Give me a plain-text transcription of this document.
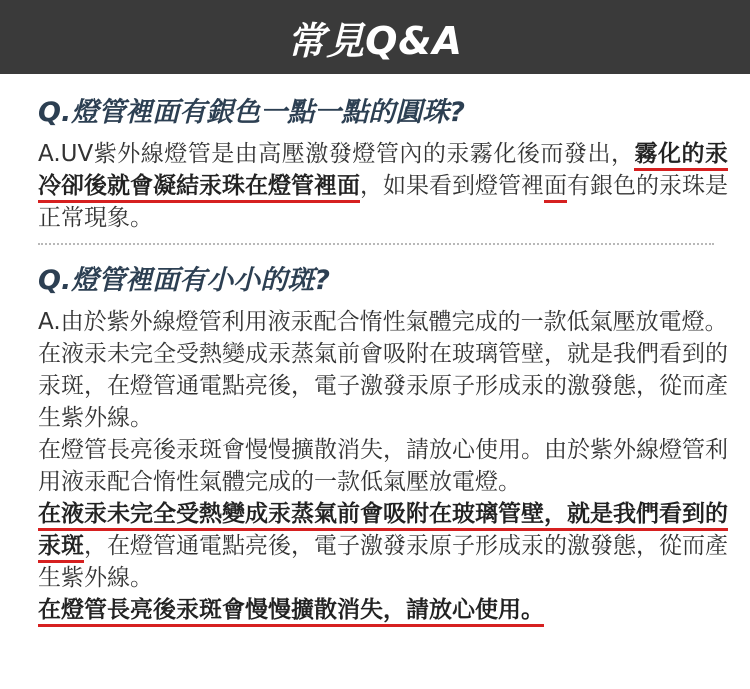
常見Q&A
Q.燈管裡面有銀色一點一點的圓珠?

A.UV紫外線燈管是由高壓激發燈管內的汞霧化後而發出，霧化的汞冷卻後就會凝結汞珠在燈管裡面，如果看到燈管裡面有銀色的汞珠是正常現象。

Q.燈管裡面有小小的斑?

A.由於紫外線燈管利用液汞配合惰性氣體完成的一款低氣壓放電燈。

在液汞未完全受熱變成汞蒸氣前會吸附在玻璃管壁，就是我們看到的汞斑，在燈管通電點亮後，電子激發汞原子形成汞的激發態，從而產生紫外線。

在燈管長亮後汞斑會慢慢擴散消失，請放心使用。由於紫外線燈管利用液汞配合惰性氣體完成的一款低氣壓放電燈。

在液汞未完全受熱變成汞蒸氣前會吸附在玻璃管壁，就是我們看到的汞斑，在燈管通電點亮後，電子激發汞原子形成汞的激發態，從而產生紫外線。

在燈管長亮後汞斑會慢慢擴散消失，請放心使用。
